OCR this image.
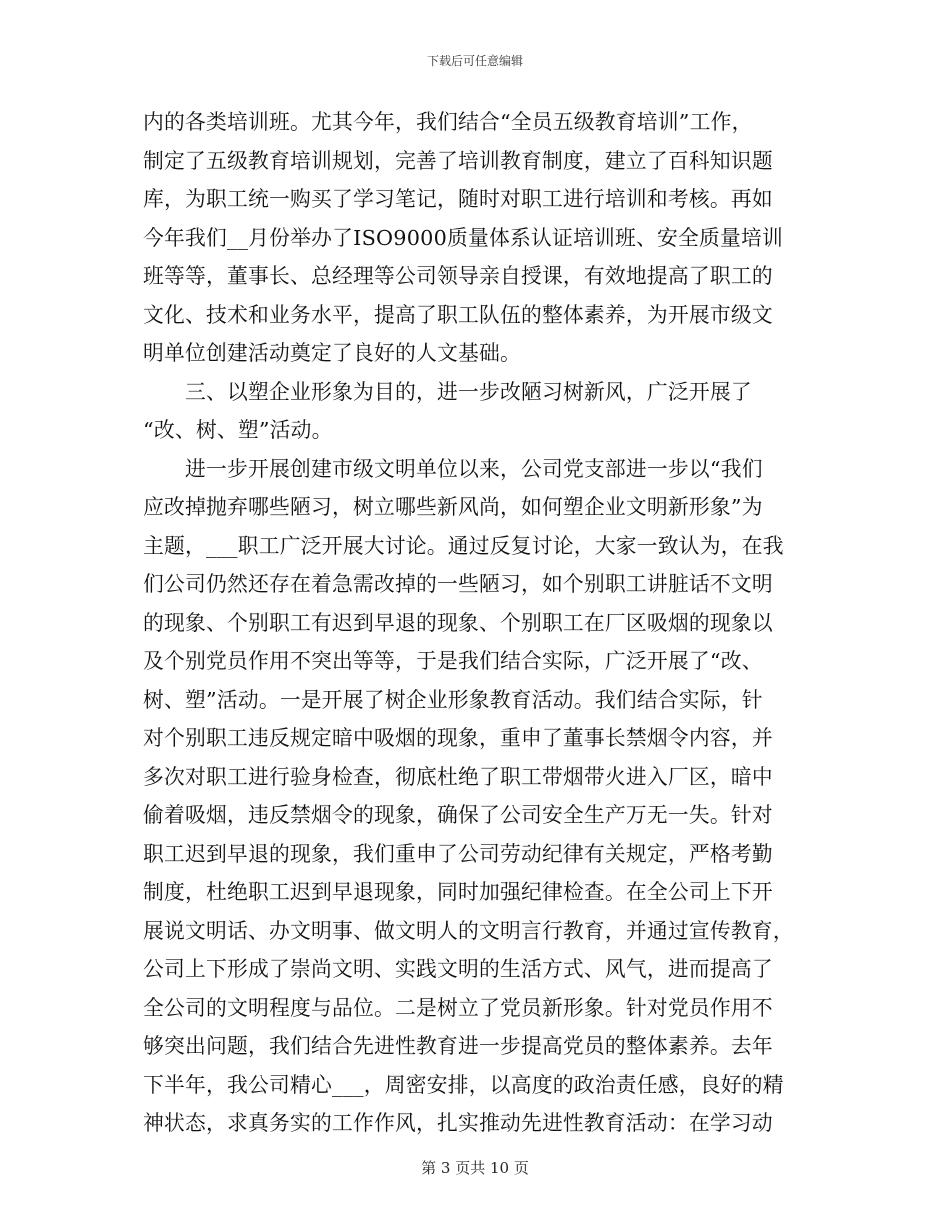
下载后可任意编辑
内的各类培训班。尤其今年，我们结合“全员五级教育培训”工作，
制定了五级教育培训规划，完善了培训教育制度，建立了百科知识题
库，为职工统一购买了学习笔记，随时对职工进行培训和考核。再如
今年我们__月份举办了ISO9000质量体系认证培训班、安全质量培训
班等等，董事长、总经理等公司领导亲自授课，有效地提高了职工的
文化、技术和业务水平，提高了职工队伍的整体素养，为开展市级文
明单位创建活动奠定了良好的人文基础。
三、以塑企业形象为目的，进一步改陋习树新风，广泛开展了
“改、树、塑”活动。
进一步开展创建市级文明单位以来，公司党支部进一步以“我们
应改掉抛弃哪些陋习，树立哪些新风尚，如何塑企业文明新形象”为
主题，___职工广泛开展大讨论。通过反复讨论，大家一致认为，在我
们公司仍然还存在着急需改掉的一些陋习，如个别职工讲脏话不文明
的现象、个别职工有迟到早退的现象、个别职工在厂区吸烟的现象以
及个别党员作用不突出等等，于是我们结合实际，广泛开展了“改、
树、塑”活动。一是开展了树企业形象教育活动。我们结合实际，针
对个别职工违反规定暗中吸烟的现象，重申了董事长禁烟令内容，并
多次对职工进行验身检查，彻底杜绝了职工带烟带火进入厂区，暗中
偷着吸烟，违反禁烟令的现象，确保了公司安全生产万无一失。针对
职工迟到早退的现象，我们重申了公司劳动纪律有关规定，严格考勤
制度，杜绝职工迟到早退现象，同时加强纪律检查。在全公司上下开
展说文明话、办文明事、做文明人的文明言行教育，并通过宣传教育，
公司上下形成了崇尚文明、实践文明的生活方式、风气，进而提高了
全公司的文明程度与品位。二是树立了党员新形象。针对党员作用不
够突出问题，我们结合先进性教育进一步提高党员的整体素养。去年
下半年，我公司精心___，周密安排，以高度的政治责任感，良好的精
神状态，求真务实的工作作风，扎实推动先进性教育活动：在学习动
第 3 页共 10 页
